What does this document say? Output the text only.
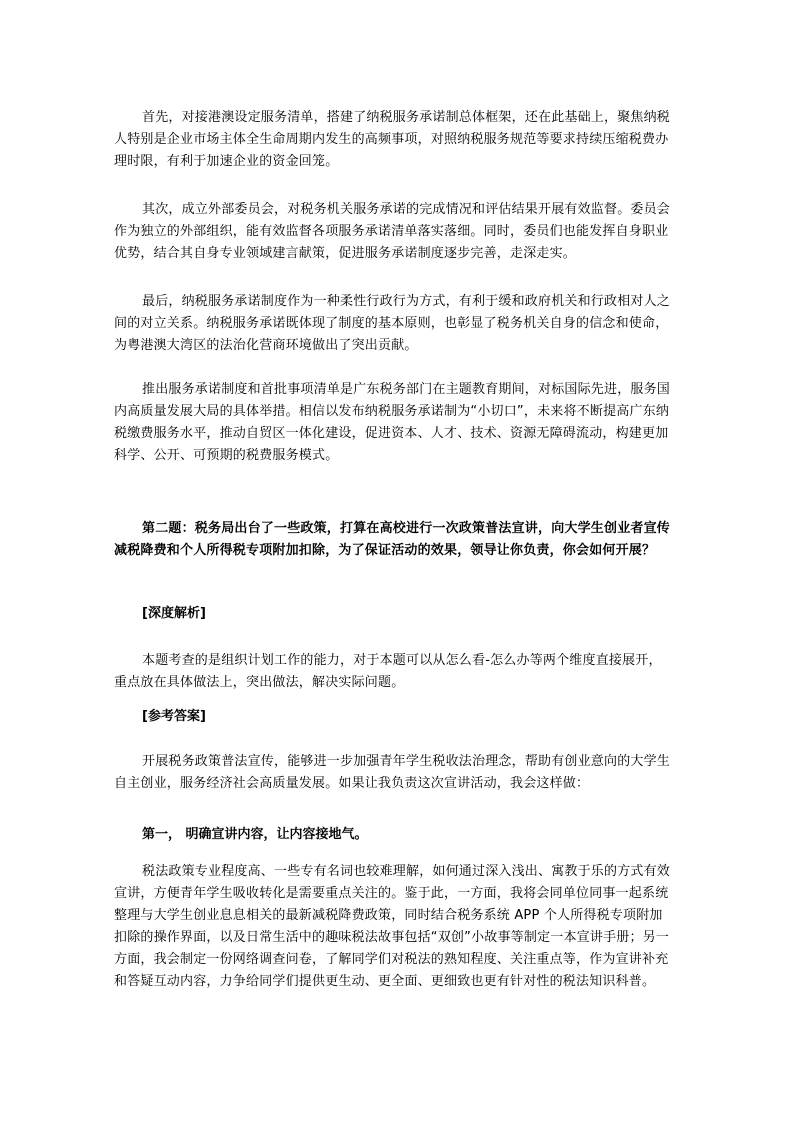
首先，对接港澳设定服务清单，搭建了纳税服务承诺制总体框架，还在此基础上，聚焦纳税人特别是企业市场主体全生命周期内发生的高频事项，对照纳税服务规范等要求持续压缩税费办理时限，有利于加速企业的资金回笼。

其次，成立外部委员会，对税务机关服务承诺的完成情况和评估结果开展有效监督。委员会作为独立的外部组织，能有效监督各项服务承诺清单落实落细。同时，委员们也能发挥自身职业优势，结合其自身专业领域建言献策，促进服务承诺制度逐步完善，走深走实。

最后，纳税服务承诺制度作为一种柔性行政行为方式，有利于缓和政府机关和行政相对人之间的对立关系。纳税服务承诺既体现了制度的基本原则，也彰显了税务机关自身的信念和使命，为粤港澳大湾区的法治化营商环境做出了突出贡献。

推出服务承诺制度和首批事项清单是广东税务部门在主题教育期间，对标国际先进，服务国内高质量发展大局的具体举措。相信以发布纳税服务承诺制为“小切口”，未来将不断提高广东纳税缴费服务水平，推动自贸区一体化建设，促进资本、人才、技术、资源无障碍流动，构建更加科学、公开、可预期的税费服务模式。

第二题：税务局出台了一些政策，打算在高校进行一次政策普法宣讲，向大学生创业者宣传减税降费和个人所得税专项附加扣除，为了保证活动的效果，领导让你负责，你会如何开展？

[深度解析]

本题考查的是组织计划工作的能力，对于本题可以从怎么看-怎么办等两个维度直接展开，重点放在具体做法上，突出做法，解决实际问题。

[参考答案]

开展税务政策普法宣传，能够进一步加强青年学生税收法治理念，帮助有创业意向的大学生自主创业，服务经济社会高质量发展。如果让我负责这次宣讲活动，我会这样做：

第一， 明确宣讲内容，让内容接地气。

税法政策专业程度高、一些专有名词也较难理解，如何通过深入浅出、寓教于乐的方式有效宣讲，方便青年学生吸收转化是需要重点关注的。鉴于此，一方面，我将会同单位同事一起系统整理与大学生创业息息相关的最新减税降费政策，同时结合税务系统 APP 个人所得税专项附加扣除的操作界面，以及日常生活中的趣味税法故事包括“双创”小故事等制定一本宣讲手册；另一方面，我会制定一份网络调查问卷，了解同学们对税法的熟知程度、关注重点等，作为宣讲补充和答疑互动内容，力争给同学们提供更生动、更全面、更细致也更有针对性的税法知识科普。
